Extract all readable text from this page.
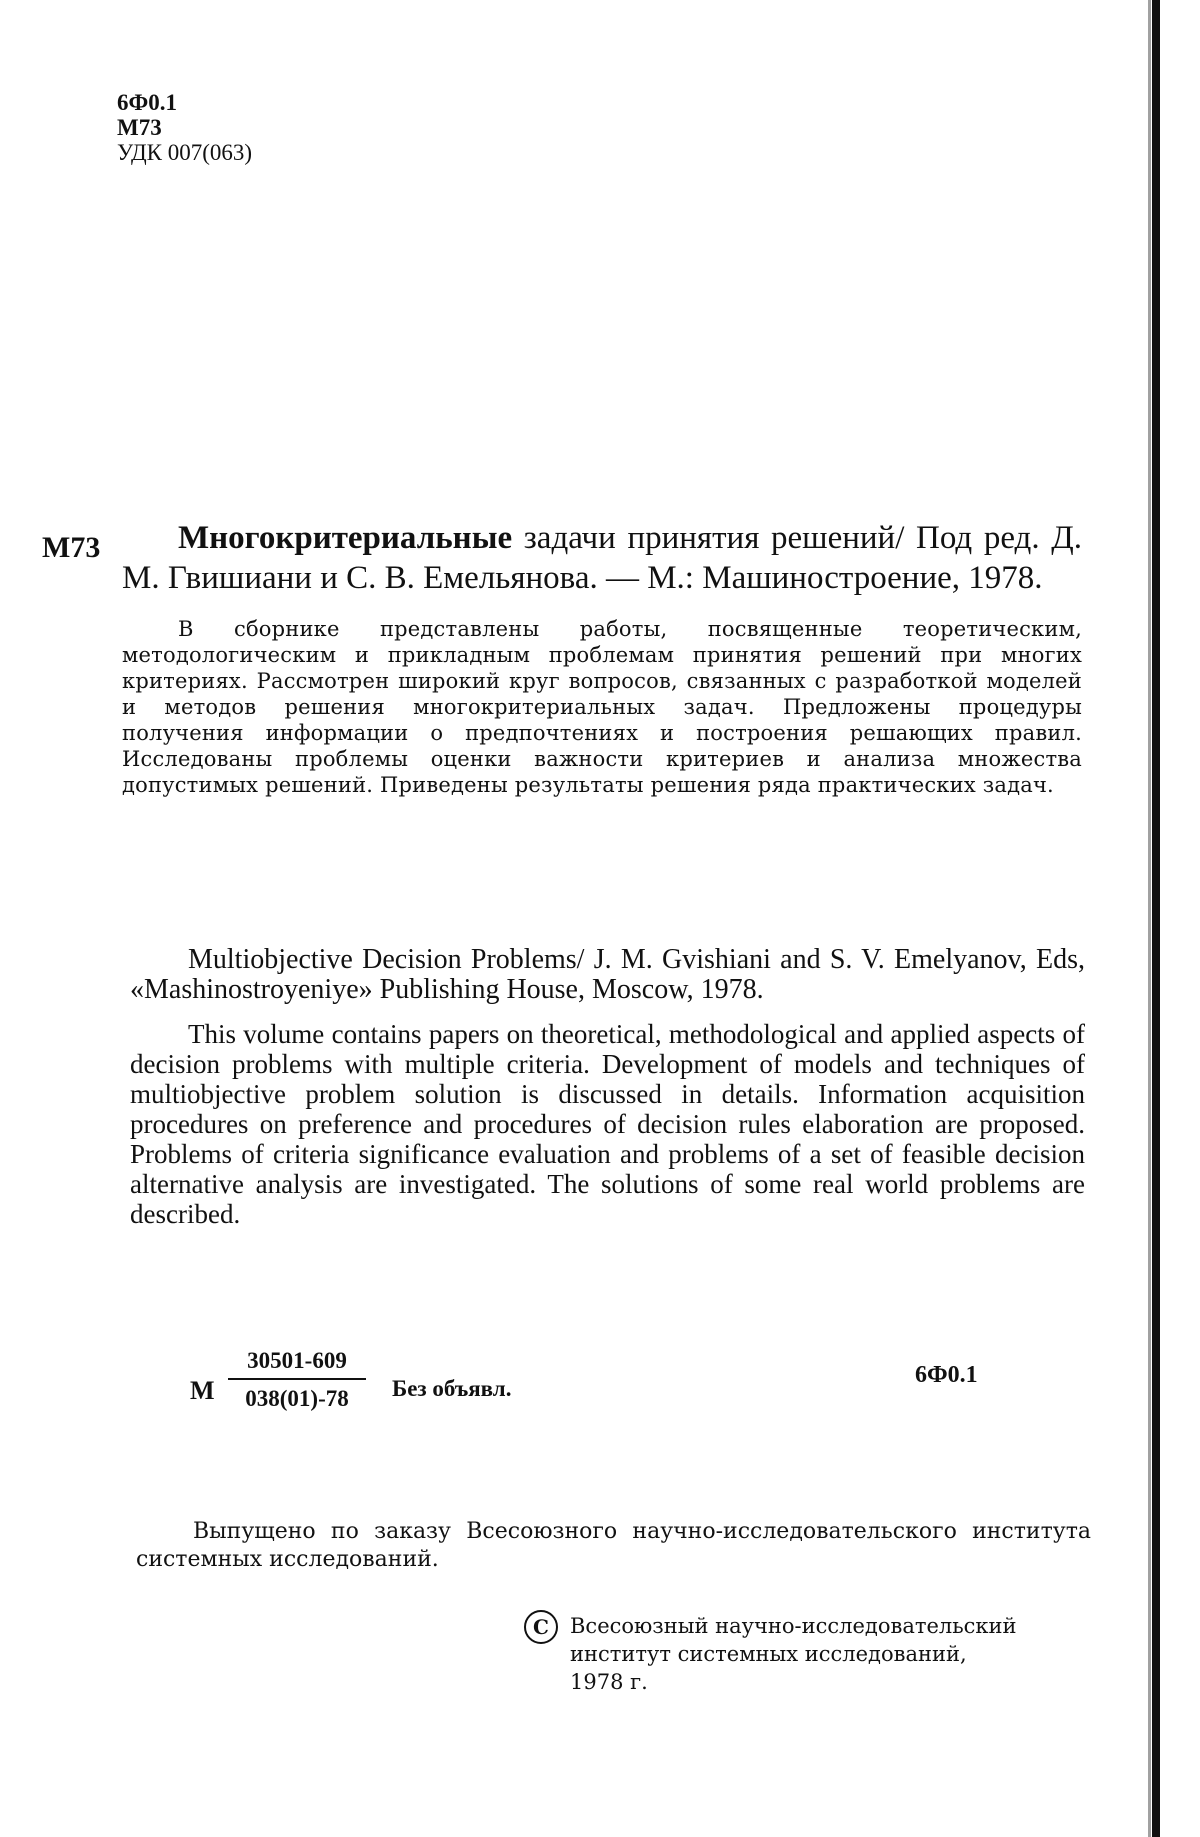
6Ф0.1
М73
УДК 007(063)
М73	Многокритериальные задачи принятия решений/ Под ред. Д. М. Гвишиани и С. В. Емельянова. — М.: Машиностроение, 1978.

В сборнике представлены работы, посвященные теоретическим, методологическим и прикладным проблемам принятия решений при многих критериях. Рассмотрен широкий круг вопросов, связанных с разработкой моделей и методов решения многокритериальных задач. Предложены процедуры получения информации о предпочтениях и построения решающих правил. Исследованы проблемы оценки важности критериев и анализа множества допустимых решений. Приведены результаты решения ряда практических задач.

Multiobjective Decision Problems/ J. M. Gvishiani and S. V. Emelyanov, Eds, «Mashinostroyeniye» Publishing House, Moscow, 1978.

This volume contains papers on theoretical, methodological and applied aspects of decision problems with multiple criteria. Development of models and techniques of multiobjective problem solution is discussed in details. Information acquisition procedures on preference and procedures of decision rules elaboration are proposed. Problems of criteria significance evaluation and problems of a set of feasible decision alternative analysis are investigated. The solutions of some real world problems are described.

М $\frac{30501-609}{038(01)-78}$ Без объявл.
6Ф0.1

Выпущено по заказу Всесоюзного научно-исследовательского института системных исследований.

С	Всесоюзный научно-исследовательский
институт системных исследований,
1978 г.
